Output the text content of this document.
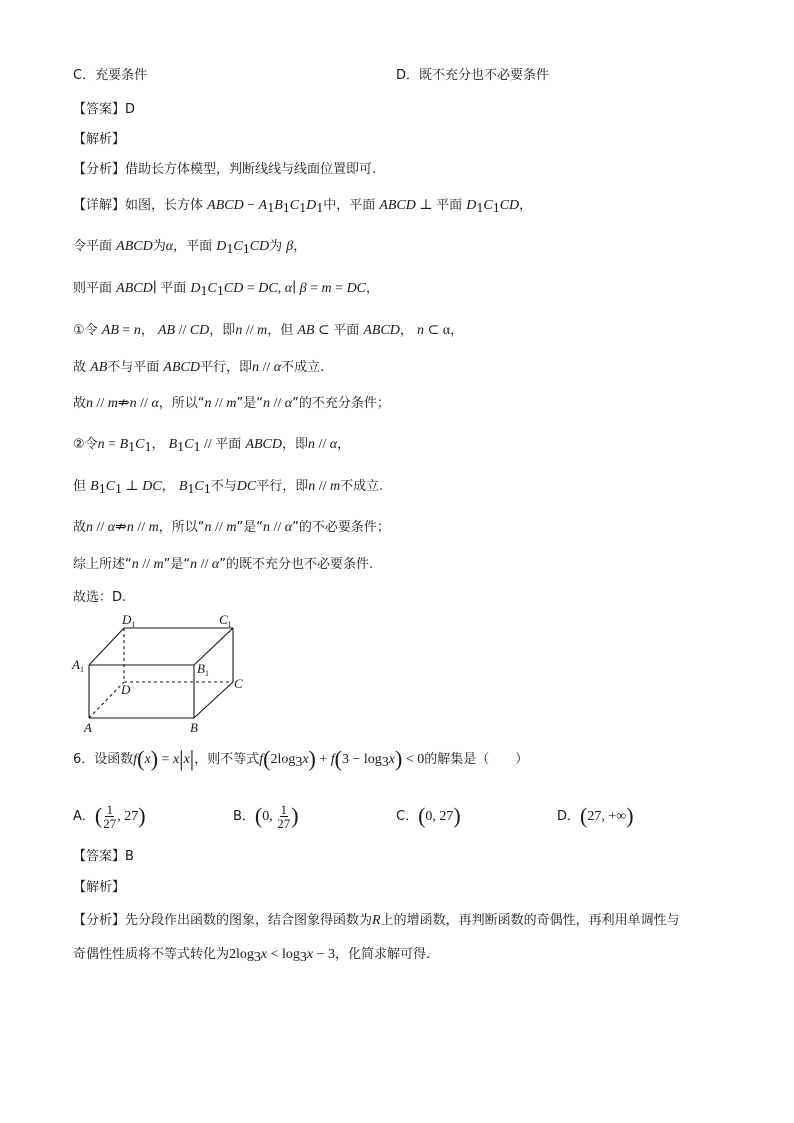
C．充要条件	D．既不充分也不必要条件
【答案】D
【解析】
【分析】借助长方体模型，判断线线与线面位置即可.
【详解】如图，长方体 ABCD − $A_1B_1C_1D_1$中，平面 ABCD ⊥ 平面 $D_1C_1CD$，
令平面 ABCD为α，平面 $D_1C_1CD$为 β，
则平面 ABCD∣ 平面 $D_1C_1CD$ = DC, α∣ β = m = DC，
①令 AB = n， AB // CD，即n // m，但 AB ⊂ 平面 ABCD， n ⊂ α，
故 AB不与平面 ABCD平行，即n // α不成立.
故n // m⇏n // α，所以“n // m”是“n // α”的不充分条件；
②令$n = B_1C_1$， $B_1C_1$ // 平面 ABCD，即n // α，
但 $B_1C_1$ ⊥ DC， $B_1C_1$不与DC平行，即n // m不成立.
故n // α⇏n // m，所以“n // m”是“n // α”的不必要条件；
综上所述“n // m”是“n // α”的既不充分也不必要条件.
故选：D.
$D_1$	$C_1$
$A_1$	$B_1$
D	C
A	B
6．设函数f(x) = x|x|，则不等式$f(2\log_3x) + f(3 - \log_3x) < 0$的解集是（　　）
A．( $\frac{1}{27}$ , 27)	B．(0, $\frac{1}{27}$ )	C．(0, 27)	D．(27, +∞)
【答案】B
【解析】
【分析】先分段作出函数的图象，结合图象得函数为R上的增函数，再判断函数的奇偶性，再利用单调性与
奇偶性性质将不等式转化为$2\log_3x < \log_3x - 3$，化简求解可得.
